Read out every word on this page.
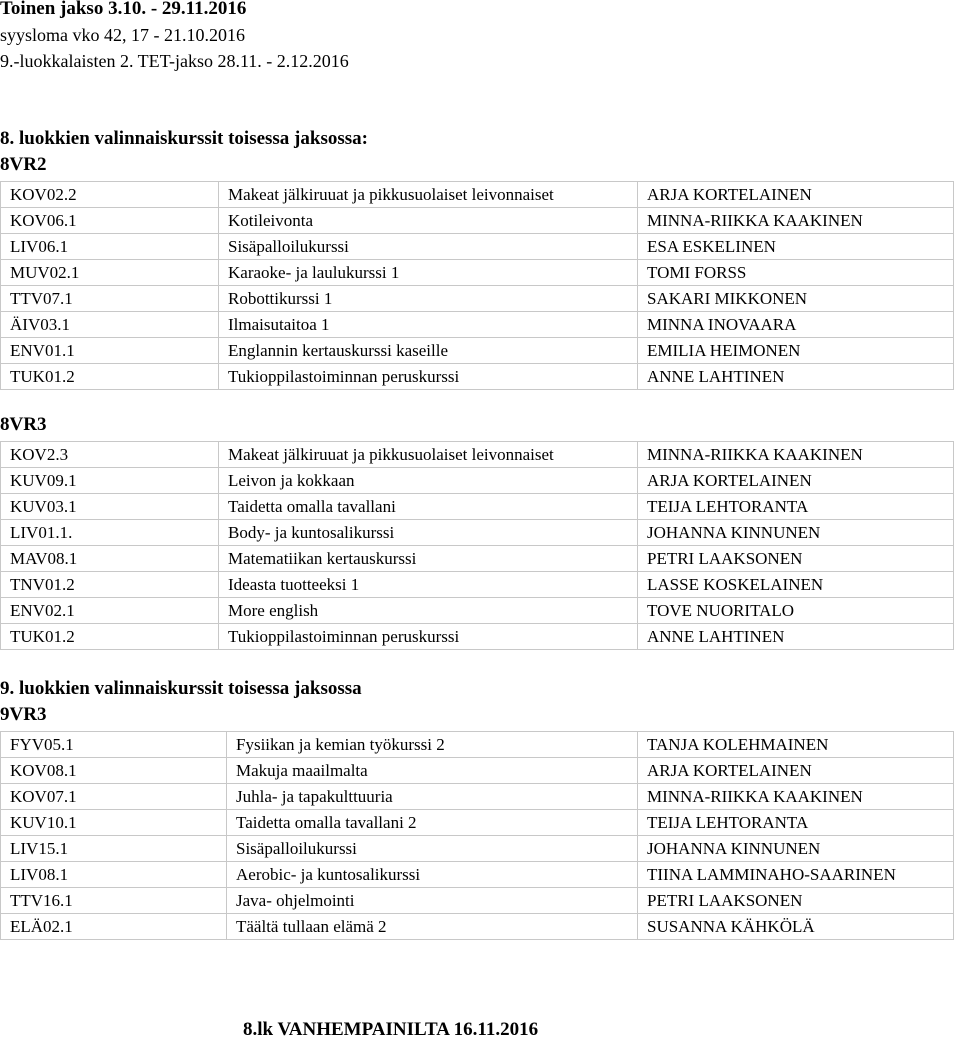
Toinen jakso 3.10. - 29.11.2016
syysloma vko 42, 17 - 21.10.2016
9.-luokkalaisten 2. TET-jakso 28.11. - 2.12.2016
8. luokkien valinnaiskurssit toisessa jaksossa:
8VR2
KOV02.2	Makeat jälkiruuat ja pikkusuolaiset leivonnaiset	ARJA KORTELAINEN
KOV06.1	Kotileivonta	MINNA-RIIKKA KAAKINEN
LIV06.1	Sisäpalloilukurssi	ESA ESKELINEN
MUV02.1	Karaoke- ja laulukurssi 1	TOMI FORSS
TTV07.1	Robottikurssi 1	SAKARI MIKKONEN
ÄIV03.1	Ilmaisutaitoa 1	MINNA INOVAARA
ENV01.1	Englannin kertauskurssi kaseille	EMILIA HEIMONEN
TUK01.2	Tukioppilastoiminnan peruskurssi	ANNE LAHTINEN
8VR3
KOV2.3	Makeat jälkiruuat ja pikkusuolaiset leivonnaiset	MINNA-RIIKKA KAAKINEN
KUV09.1	Leivon ja kokkaan	ARJA KORTELAINEN
KUV03.1	Taidetta omalla tavallani	TEIJA LEHTORANTA
LIV01.1.	Body- ja kuntosalikurssi	JOHANNA KINNUNEN
MAV08.1	Matematiikan kertauskurssi	PETRI LAAKSONEN
TNV01.2	Ideasta tuotteeksi 1	LASSE KOSKELAINEN
ENV02.1	More english	TOVE NUORITALO
TUK01.2	Tukioppilastoiminnan peruskurssi	ANNE LAHTINEN
9. luokkien valinnaiskurssit toisessa jaksossa
9VR3
FYV05.1	Fysiikan ja kemian työkurssi 2	TANJA KOLEHMAINEN
KOV08.1	Makuja maailmalta	ARJA KORTELAINEN
KOV07.1	Juhla- ja tapakulttuuria	MINNA-RIIKKA KAAKINEN
KUV10.1	Taidetta omalla tavallani 2	TEIJA LEHTORANTA
LIV15.1	Sisäpalloilukurssi	JOHANNA KINNUNEN
LIV08.1	Aerobic- ja kuntosalikurssi	TIINA LAMMINAHO-SAARINEN
TTV16.1	Java- ohjelmointi	PETRI LAAKSONEN
ELÄ02.1	Täältä tullaan elämä 2	SUSANNA KÄHKÖLÄ
8.lk VANHEMPAINILTA 16.11.2016
